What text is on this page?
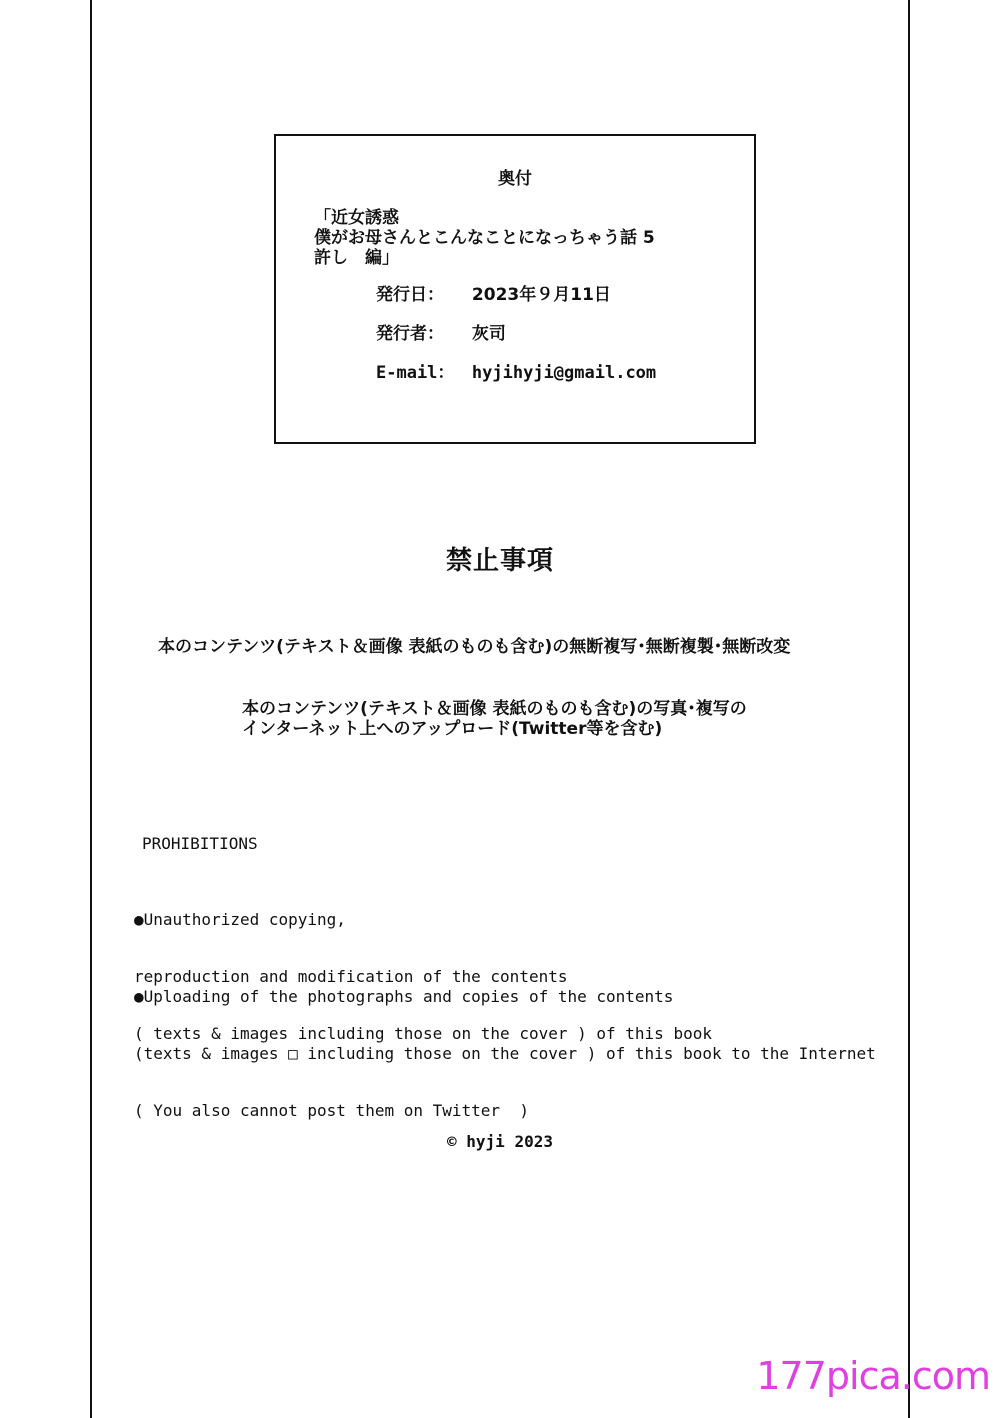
奥付
「近女誘惑
僕がお母さんとこんなことになっちゃう話 5
許し　編」
発行日： 2023年９月11日
発行者： 灰司
E-mail： hyjihyji@gmail.com
禁止事項
本のコンテンツ(テキスト＆画像 表紙のものも含む)の無断複写･無断複製･無断改変
本のコンテンツ(テキスト＆画像 表紙のものも含む)の写真･複写の
インターネット上へのアップロード(Twitter等を含む)
PROHIBITIONS

●Unauthorized copying,

reproduction and modification of the contents

( texts & images including those on the cover ) of this book

●Uploading of the photographs and copies of the contents

(texts & images □ including those on the cover ) of this book to the Internet

( You also cannot post them on Twitter  )

© hyji 2023
177pica.com
